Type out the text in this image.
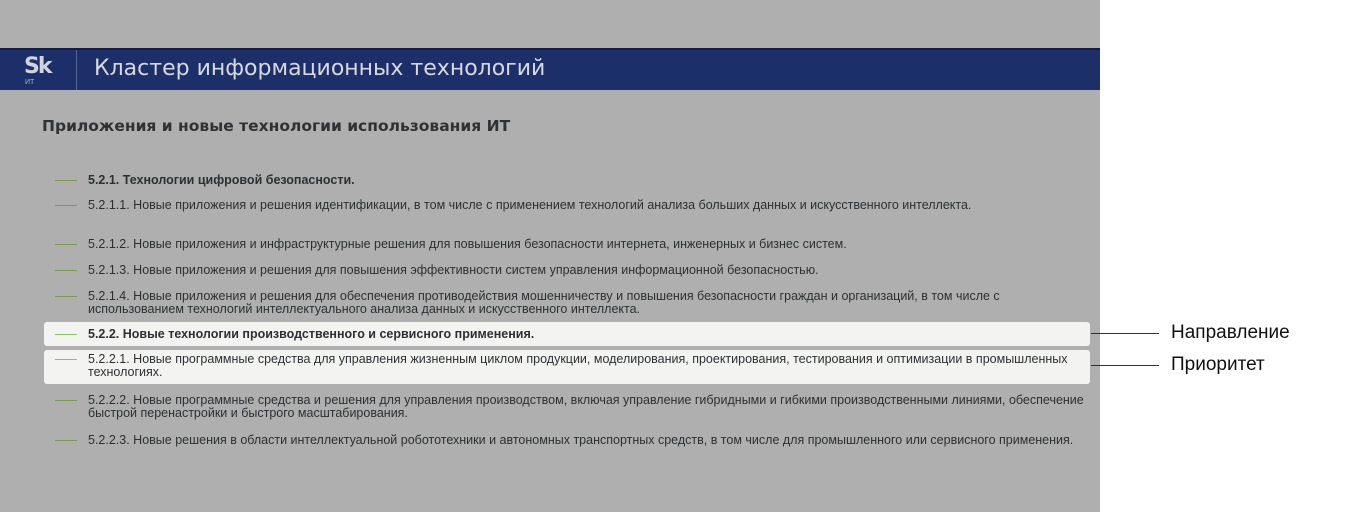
Sk
ИТ
Кластер информационных технологий
Приложения и новые технологии использования ИТ
5.2.1. Технологии цифровой безопасности.
5.2.1.1. Новые приложения и решения идентификации, в том числе с применением технологий анализа больших данных и искусственного интеллекта.
5.2.1.2. Новые приложения и инфраструктурные решения для повышения безопасности интернета, инженерных и бизнес систем.
5.2.1.3. Новые приложения и решения для повышения эффективности систем управления информационной безопасностью.
5.2.1.4. Новые приложения и решения для обеспечения противодействия мошенничеству и повышения безопасности граждан и организаций, в том числе с использованием технологий интеллектуального анализа данных и искусственного интеллекта.
5.2.2. Новые технологии производственного и сервисного применения.
5.2.2.1. Новые программные средства для управления жизненным циклом продукции, моделирования, проектирования, тестирования и оптимизации в промышленных технологиях.
5.2.2.2. Новые программные средства и решения для управления производством, включая управление гибридными и гибкими производственными линиями, обеспечение быстрой перенастройки и быстрого масштабирования.
5.2.2.3. Новые решения в области интеллектуальной робототехники и автономных транспортных средств, в том числе для промышленного или сервисного применения.
Направление
Приоритет
